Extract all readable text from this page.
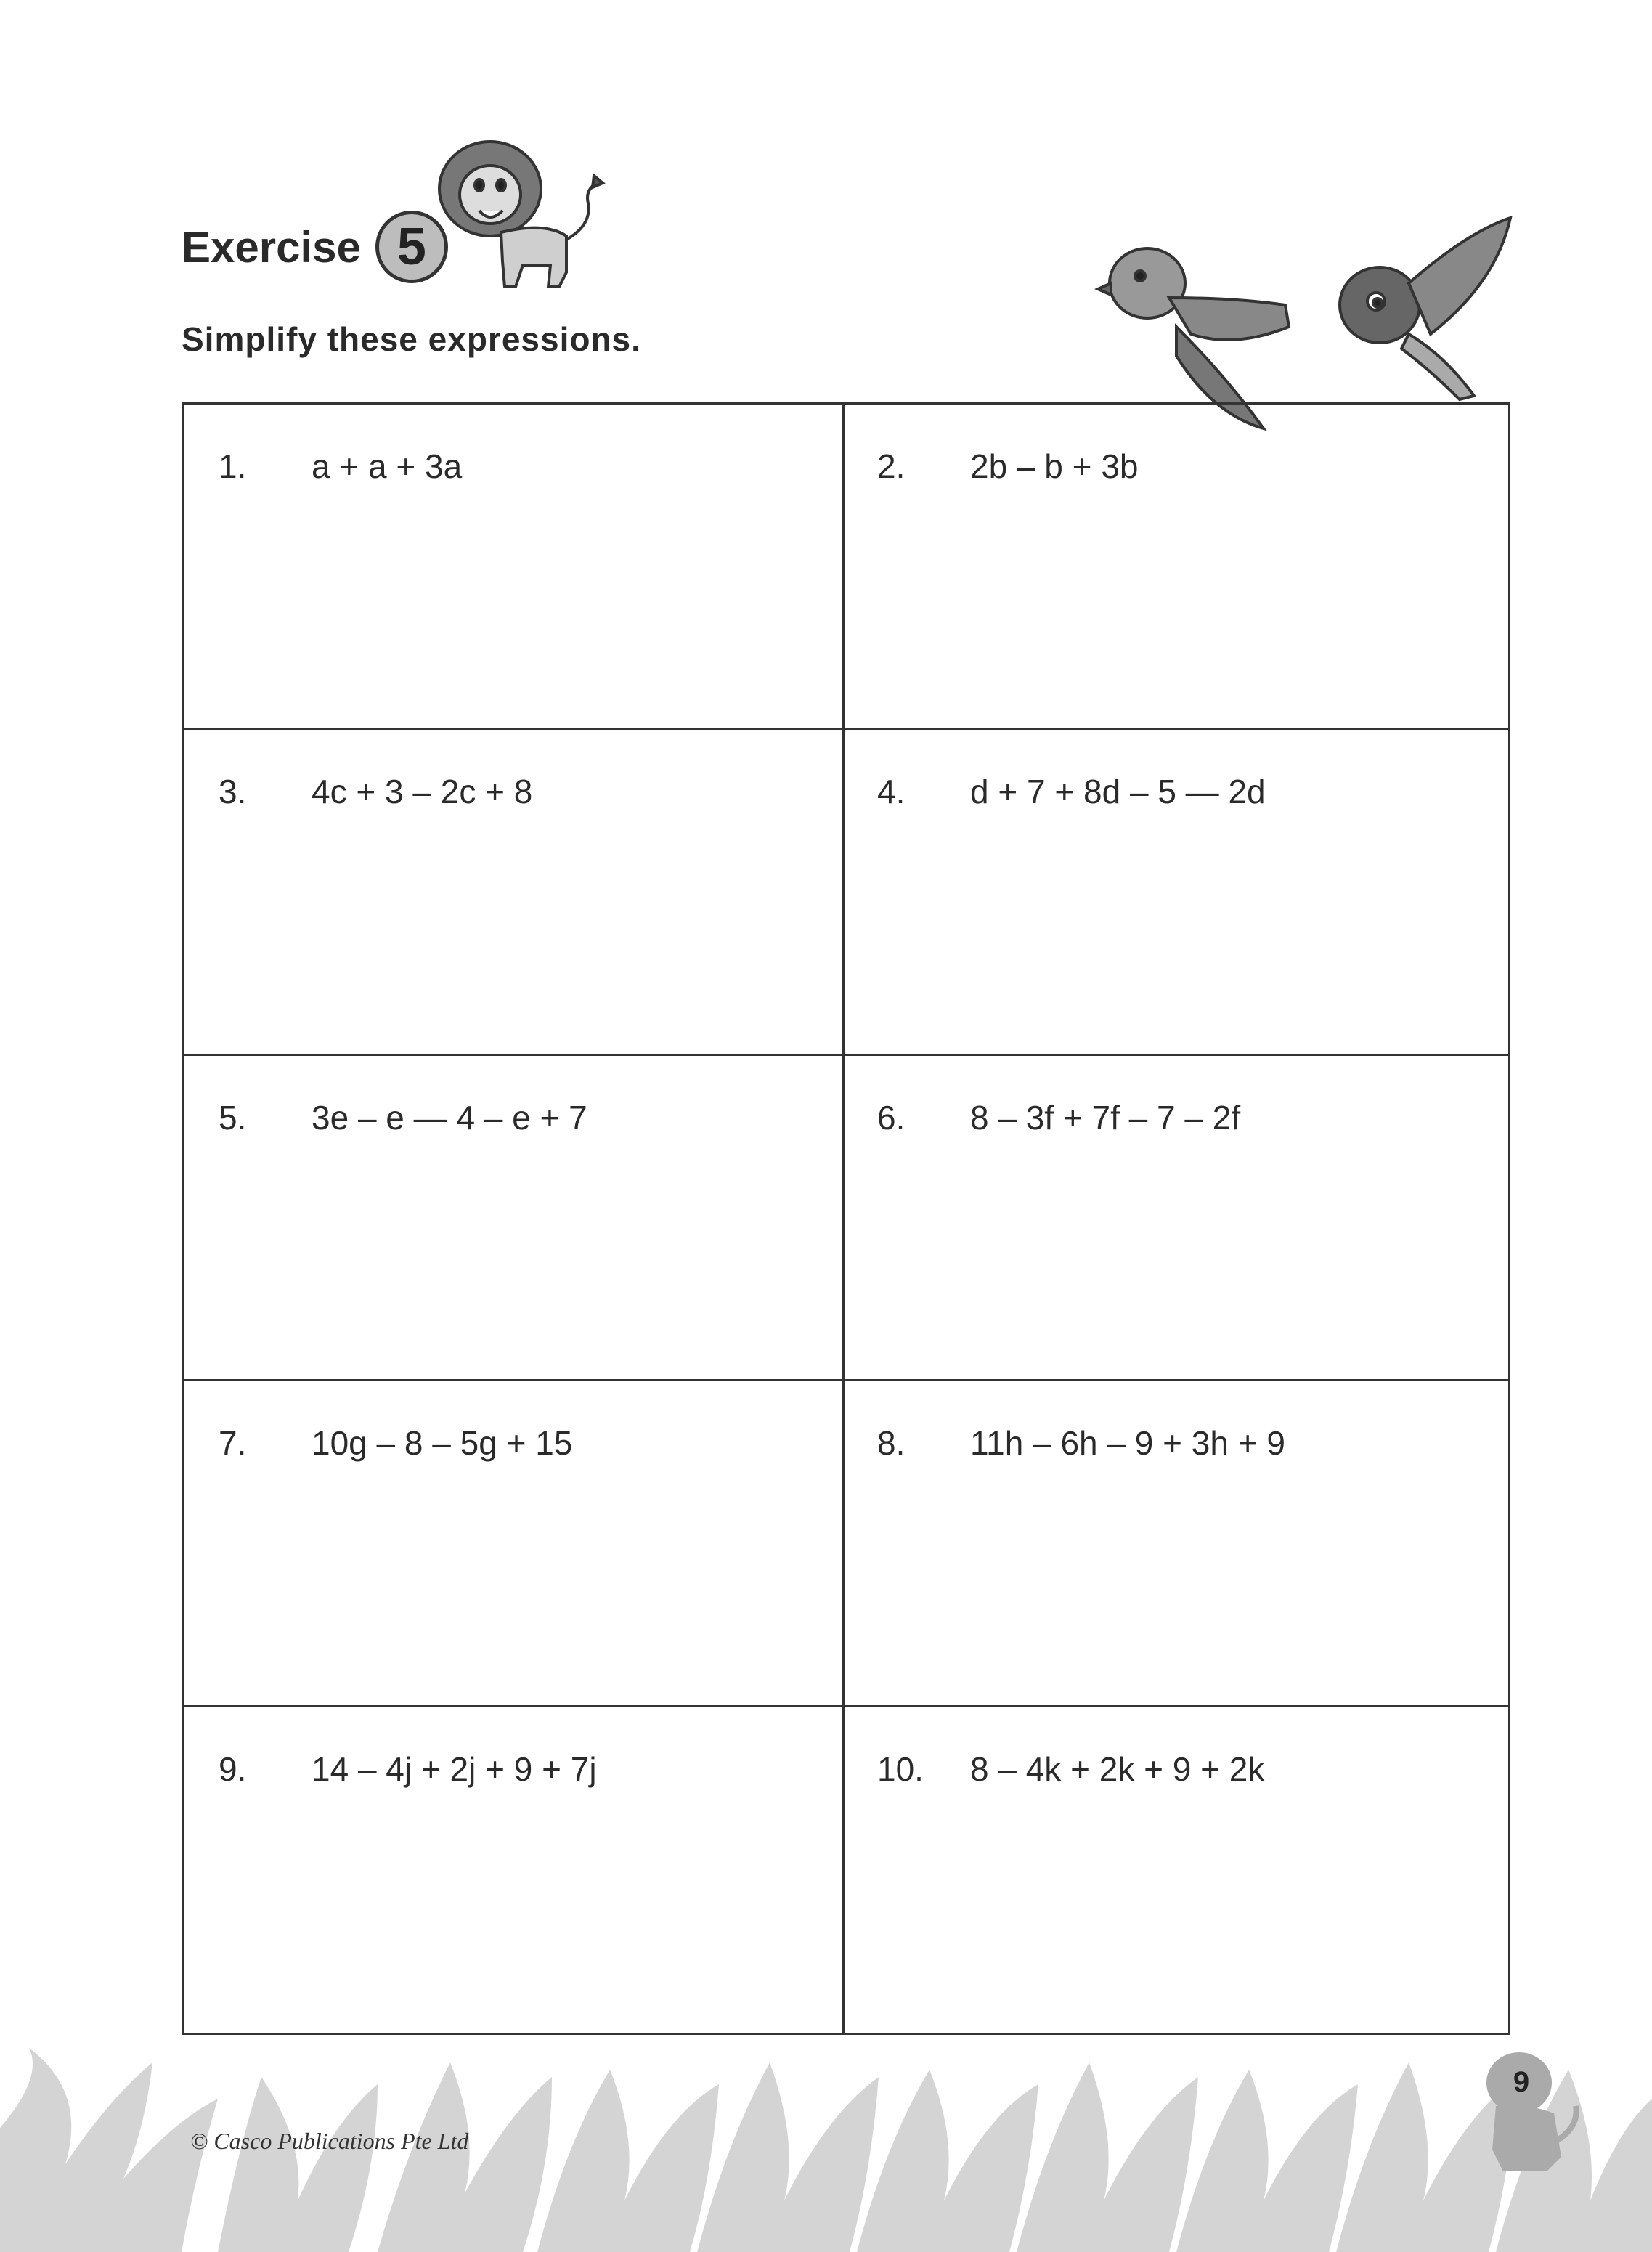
Exercise 5
Simplify these expressions.
1.	a + a + 3a	2.	2b – b + 3b
3.	4c + 3 – 2c + 8	4.	d + 7 + 8d – 5 — 2d
5.	3e – e — 4 – e + 7	6.	8 – 3f + 7f – 7 – 2f
7.	10g – 8 – 5g + 15	8.	11h – 6h – 9 + 3h + 9
9.	14 – 4j + 2j + 9 + 7j	10.	8 – 4k + 2k + 9 + 2k
© Casco Publications Pte Ltd
9
